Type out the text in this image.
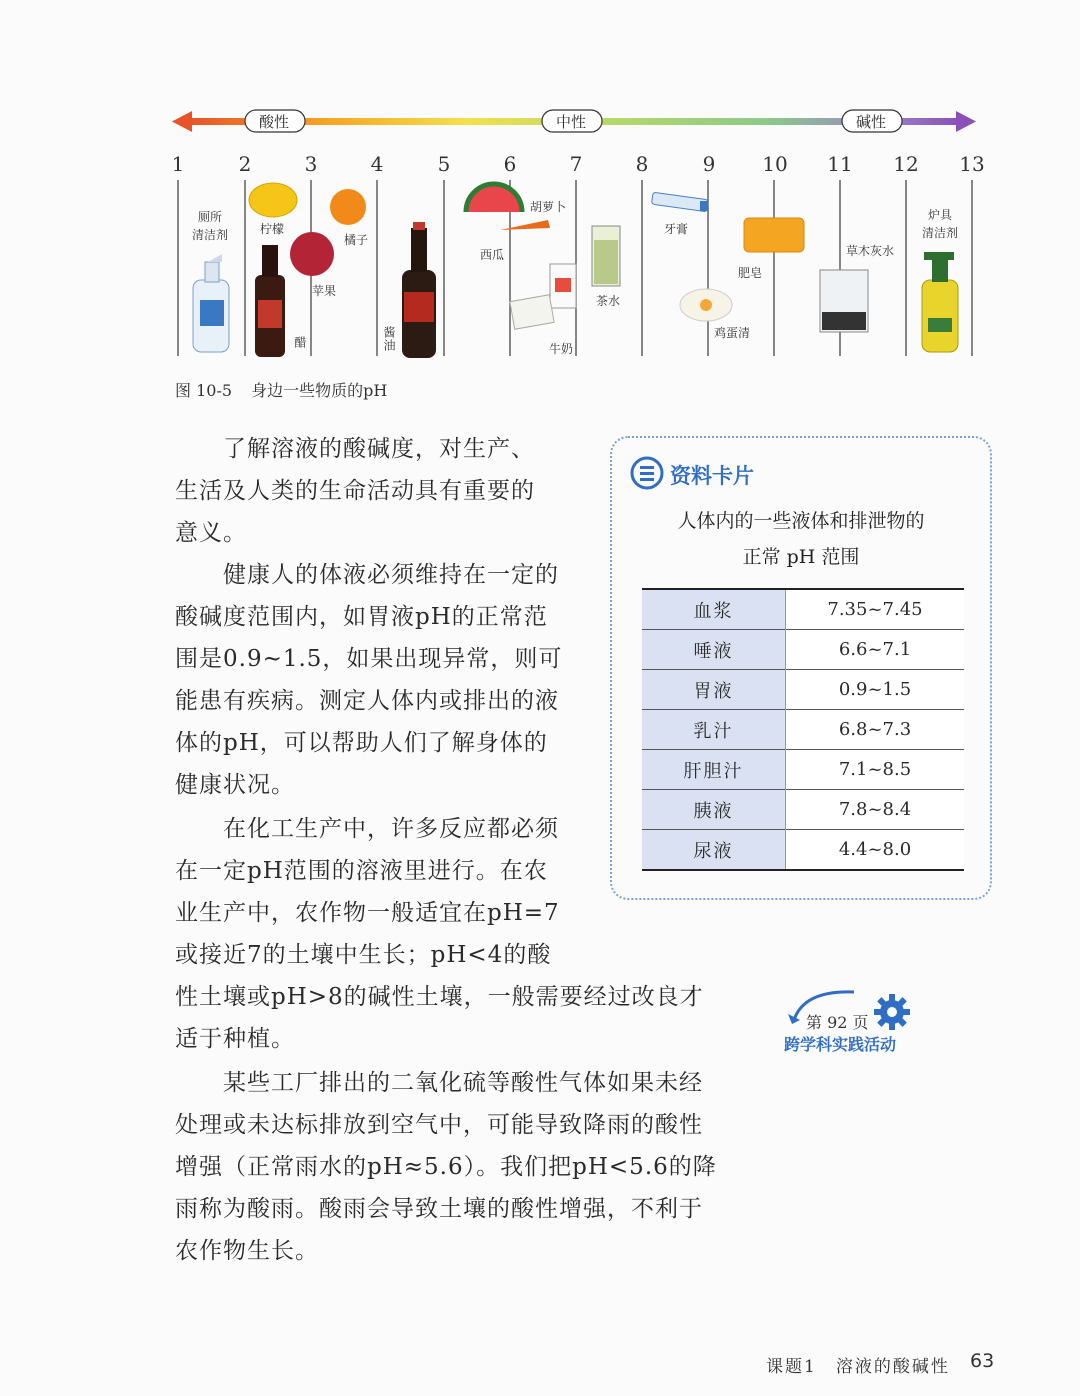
酸性	中性	碱性
1	2	3	4	5	6	7	8	9	10 11 12 13
厕所
清洁剂	柠檬
醋
苹果
橘子
酱油
西瓜
胡萝卜
牛奶
茶水
牙膏
鸡蛋清
肥皂
草木灰水
炉具
清洁剂
图 10-5 身边一些物质的pH
了解溶液的酸碱度，对生产、
生活及人类的生命活动具有重要的
意义。
健康人的体液必须维持在一定的
酸碱度范围内，如胃液pH的正常范
围是0.9~1.5，如果出现异常，则可
能患有疾病。测定人体内或排出的液
体的pH，可以帮助人们了解身体的
健康状况。
在化工生产中，许多反应都必须
在一定pH范围的溶液里进行。在农
业生产中，农作物一般适宜在pH=7
或接近7的土壤中生长；pH<4的酸
性土壤或pH>8的碱性土壤，一般需要经过改良才
适于种植。
某些工厂排出的二氧化硫等酸性气体如果未经
处理或未达标排放到空气中，可能导致降雨的酸性
增强（正常雨水的pH≈5.6）。我们把pH<5.6的降
雨称为酸雨。酸雨会导致土壤的酸性增强，不利于
农作物生长。
资料卡片
人体内的一些液体和排泄物的
正常 pH 范围
血浆	7.35~7.45
唾液	6.6~7.1
胃液	0.9~1.5
乳汁	6.8~7.3
肝胆汁	7.1~8.5
胰液	7.8~8.4
尿液	4.4~8.0
第 92 页
跨学科实践活动
课题1　溶液的酸碱性 63
